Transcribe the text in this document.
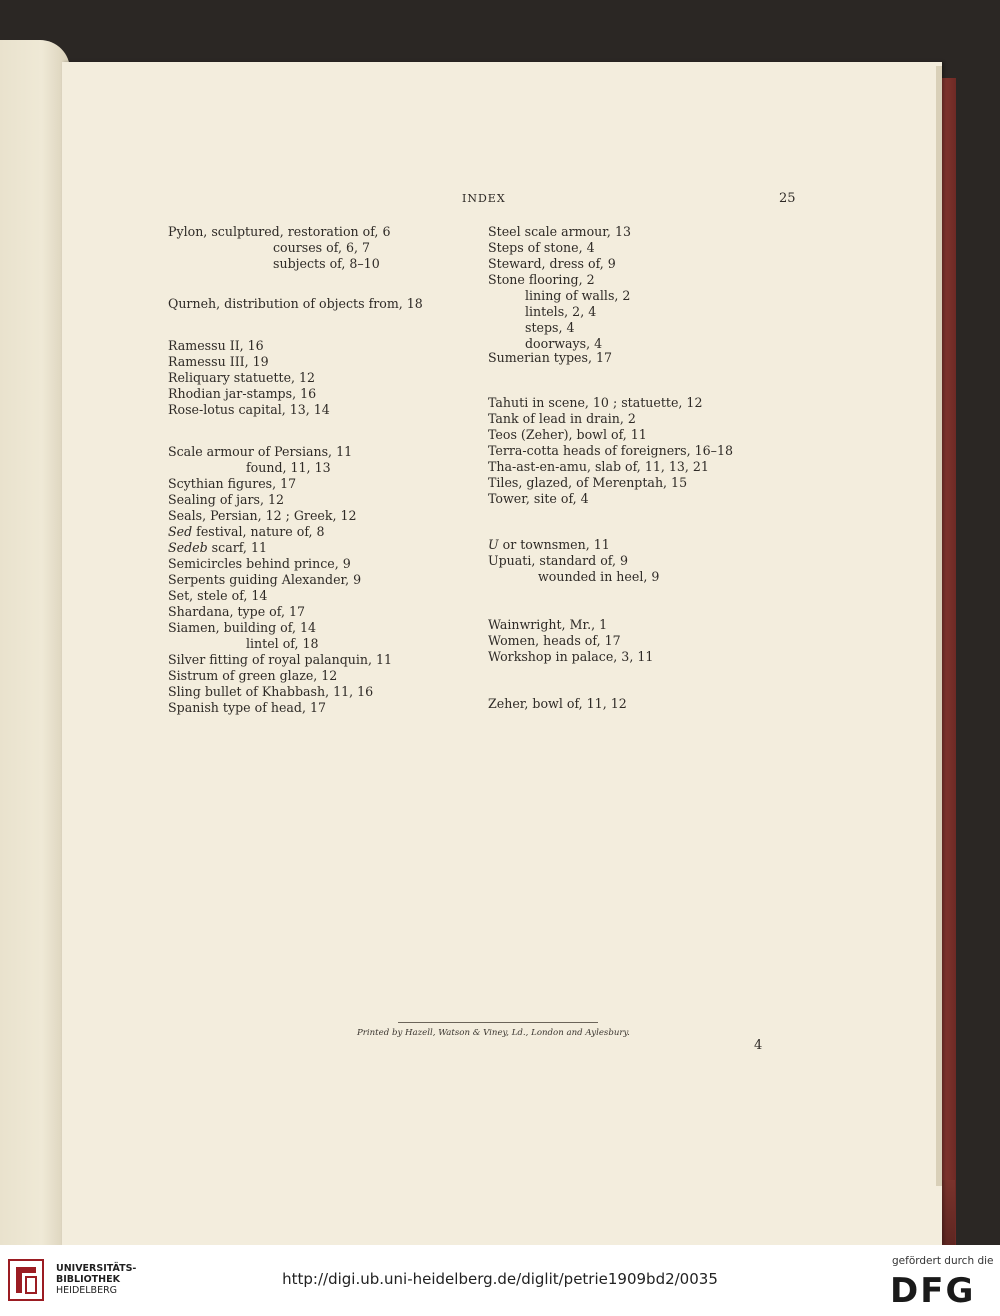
INDEX	25
Pylon, sculptured, restoration of, 6
courses of, 6, 7
subjects of, 8–10
Qurneh, distribution of objects from, 18
Ramessu II, 16
Ramessu III, 19
Reliquary statuette, 12
Rhodian jar-stamps, 16
Rose-lotus capital, 13, 14
Scale armour of Persians, 11
found, 11, 13
Scythian figures, 17
Sealing of jars, 12
Seals, Persian, 12 ; Greek, 12
Sed festival, nature of, 8
Sedeb scarf, 11
Semicircles behind prince, 9
Serpents guiding Alexander, 9
Set, stele of, 14
Shardana, type of, 17
Siamen, building of, 14
lintel of, 18
Silver fitting of royal palanquin, 11
Sistrum of green glaze, 12
Sling bullet of Khabbash, 11, 16
Spanish type of head, 17
Steel scale armour, 13
Steps of stone, 4
Steward, dress of, 9
Stone flooring, 2
lining of walls, 2
lintels, 2, 4
steps, 4
doorways, 4
Sumerian types, 17
Tahuti in scene, 10 ; statuette, 12
Tank of lead in drain, 2
Teos (Zeher), bowl of, 11
Terra-cotta heads of foreigners, 16–18
Tha-ast-en-amu, slab of, 11, 13, 21
Tiles, glazed, of Merenptah, 15
Tower, site of, 4
U or townsmen, 11
Upuati, standard of, 9
wounded in heel, 9
Wainwright, Mr., 1
Women, heads of, 17
Workshop in palace, 3, 11
Zeher, bowl of, 11, 12
Printed by Hazell, Watson & Viney, Ld., London and Aylesbury.
4
UNIVERSITÄTS-
BIBLIOTHEK
HEIDELBERG
http://digi.ub.uni-heidelberg.de/diglit/petrie1909bd2/0035
gefördert durch die
DFG
